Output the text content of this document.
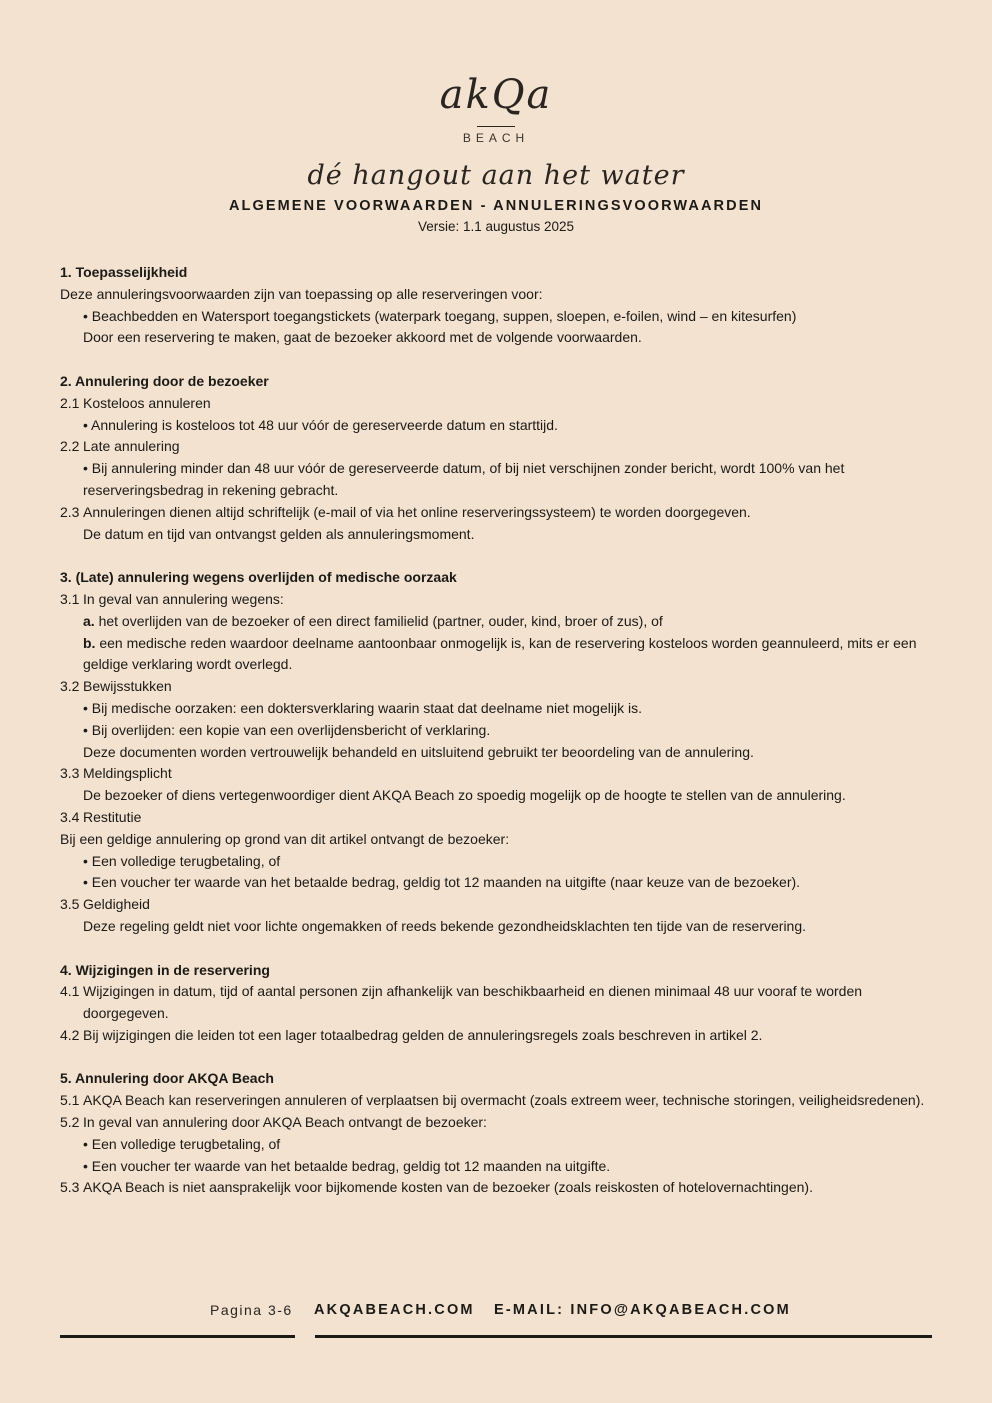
akQa
BEACH
dé hangout aan het water
ALGEMENE VOORWAARDEN - ANNULERINGSVOORWAARDEN
Versie: 1.1 augustus 2025

1. Toepasselijkheid

Deze annuleringsvoorwaarden zijn van toepassing op alle reserveringen voor:

• Beachbedden en Watersport toegangstickets (waterpark toegang, suppen, sloepen, e-foilen, wind – en kitesurfen)

Door een reservering te maken, gaat de bezoeker akkoord met de volgende voorwaarden.

2. Annulering door de bezoeker

2.1 Kosteloos annuleren

• Annulering is kosteloos tot 48 uur vóór de gereserveerde datum en starttijd.

2.2 Late annulering

• Bij annulering minder dan 48 uur vóór de gereserveerde datum, of bij niet verschijnen zonder bericht, wordt 100% van het reserveringsbedrag in rekening gebracht.

2.3 Annuleringen dienen altijd schriftelijk (e-mail of via het online reserveringssysteem) te worden doorgegeven.

De datum en tijd van ontvangst gelden als annuleringsmoment.

3. (Late) annulering wegens overlijden of medische oorzaak

3.1 In geval van annulering wegens:

a. het overlijden van de bezoeker of een direct familielid (partner, ouder, kind, broer of zus), of

b. een medische reden waardoor deelname aantoonbaar onmogelijk is, kan de reservering kosteloos worden geannuleerd, mits er een geldige verklaring wordt overlegd.

3.2 Bewijsstukken

• Bij medische oorzaken: een doktersverklaring waarin staat dat deelname niet mogelijk is.

• Bij overlijden: een kopie van een overlijdensbericht of verklaring.

Deze documenten worden vertrouwelijk behandeld en uitsluitend gebruikt ter beoordeling van de annulering.

3.3 Meldingsplicht

De bezoeker of diens vertegenwoordiger dient AKQA Beach zo spoedig mogelijk op de hoogte te stellen van de annulering.

3.4 Restitutie

Bij een geldige annulering op grond van dit artikel ontvangt de bezoeker:

• Een volledige terugbetaling, of

• Een voucher ter waarde van het betaalde bedrag, geldig tot 12 maanden na uitgifte (naar keuze van de bezoeker).

3.5 Geldigheid

Deze regeling geldt niet voor lichte ongemakken of reeds bekende gezondheidsklachten ten tijde van de reservering.

4. Wijzigingen in de reservering

4.1 Wijzigingen in datum, tijd of aantal personen zijn afhankelijk van beschikbaarheid en dienen minimaal 48 uur vooraf te worden doorgegeven.

4.2 Bij wijzigingen die leiden tot een lager totaalbedrag gelden de annuleringsregels zoals beschreven in artikel 2.

5. Annulering door AKQA Beach

5.1 AKQA Beach kan reserveringen annuleren of verplaatsen bij overmacht (zoals extreem weer, technische storingen, veiligheidsredenen).

5.2 In geval van annulering door AKQA Beach ontvangt de bezoeker:

• Een volledige terugbetaling, of

• Een voucher ter waarde van het betaalde bedrag, geldig tot 12 maanden na uitgifte.

5.3 AKQA Beach is niet aansprakelijk voor bijkomende kosten van de bezoeker (zoals reiskosten of hotelovernachtingen).

Pagina 3-6 AKQABEACH.COM E-MAIL: INFO@AKQABEACH.COM
